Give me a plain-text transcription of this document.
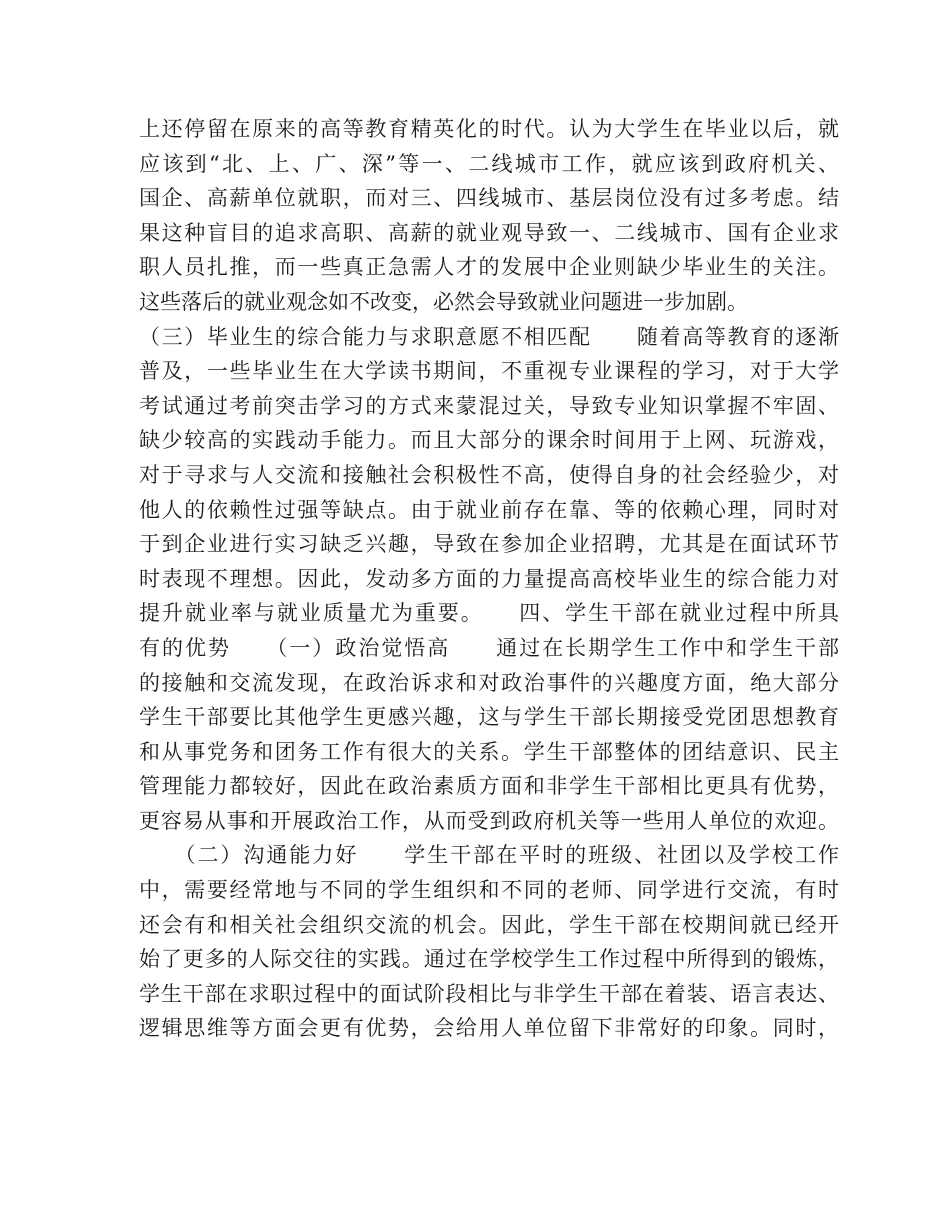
上还停留在原来的高等教育精英化的时代。认为大学生在毕业以后，就
应该到“北、上、广、深”等一、二线城市工作，就应该到政府机关、
国企、高薪单位就职，而对三、四线城市、基层岗位没有过多考虑。结
果这种盲目的追求高职、高薪的就业观导致一、二线城市、国有企业求
职人员扎推，而一些真正急需人才的发展中企业则缺少毕业生的关注。
这些落后的就业观念如不改变，必然会导致就业问题进一步加剧。
（三）毕业生的综合能力与求职意愿不相匹配　　随着高等教育的逐渐
普及，一些毕业生在大学读书期间，不重视专业课程的学习，对于大学
考试通过考前突击学习的方式来蒙混过关，导致专业知识掌握不牢固、
缺少较高的实践动手能力。而且大部分的课余时间用于上网、玩游戏，
对于寻求与人交流和接触社会积极性不高，使得自身的社会经验少，对
他人的依赖性过强等缺点。由于就业前存在靠、等的依赖心理，同时对
于到企业进行实习缺乏兴趣，导致在参加企业招聘，尤其是在面试环节
时表现不理想。因此，发动多方面的力量提高高校毕业生的综合能力对
提升就业率与就业质量尤为重要。　　四、学生干部在就业过程中所具
有的优势　　（一）政治觉悟高　　通过在长期学生工作中和学生干部
的接触和交流发现，在政治诉求和对政治事件的兴趣度方面，绝大部分
学生干部要比其他学生更感兴趣，这与学生干部长期接受党团思想教育
和从事党务和团务工作有很大的关系。学生干部整体的团结意识、民主
管理能力都较好，因此在政治素质方面和非学生干部相比更具有优势，
更容易从事和开展政治工作，从而受到政府机关等一些用人单位的欢迎。
　　（二）沟通能力好　　学生干部在平时的班级、社团以及学校工作
中，需要经常地与不同的学生组织和不同的老师、同学进行交流，有时
还会有和相关社会组织交流的机会。因此，学生干部在校期间就已经开
始了更多的人际交往的实践。通过在学校学生工作过程中所得到的锻炼，
学生干部在求职过程中的面试阶段相比与非学生干部在着装、语言表达、
逻辑思维等方面会更有优势，会给用人单位留下非常好的印象。同时，
